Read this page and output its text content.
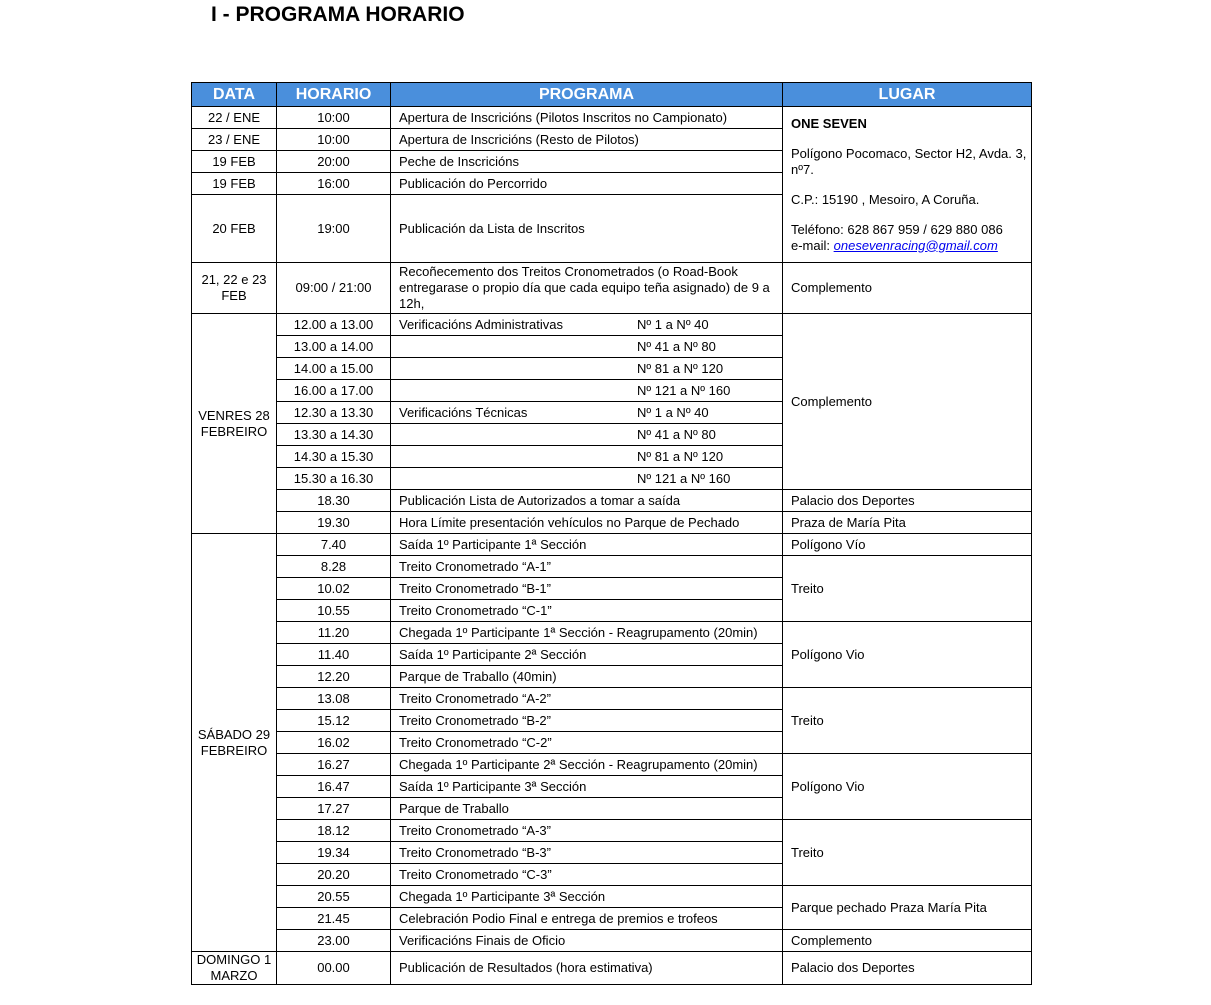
I - PROGRAMA HORARIO
DATA	HORARIO	PROGRAMA	LUGAR
22 / ENE	10:00	Apertura de Inscricións (Pilotos Inscritos no Campionato)	ONE SEVEN
Polígono Pocomaco, Sector H2, Avda. 3, nº7.
C.P.: 15190 , Mesoiro, A Coruña.
Teléfono: 628 867 959 / 629 880 086
e-mail: onesevenracing@gmail.com

23 / ENE	10:00	Apertura de Inscricións (Resto de Pilotos)	
19 FEB	20:00	Peche de Inscricións	
19 FEB	16:00	Publicación do Percorrido	
20 FEB	19:00	Publicación da Lista de Inscritos	
21, 22 e 23 FEB	09:00 / 21:00	Recoñecemento dos Treitos Cronometrados (o Road-Book entregarase o propio día que cada equipo teña asignado) de 9 a 12h,	Complemento
VENRES 28 FEBREIRO	12.00 a 13.00	Verificacións Administrativas Nº 1 a Nº 40	Complemento
	13.00 a 14.00	Nº 41 a Nº 80	

	14.00 a 15.00	Nº 81 a Nº 120	

	16.00 a 17.00	Nº 121 a Nº 160	

	12.30 a 13.30	Verificacións Técnicas Nº 1 a Nº 40	

	13.30 a 14.30	Nº 41 a Nº 80	

	14.30 a 15.30	Nº 81 a Nº 120	

	15.30 a 16.30	Nº 121 a Nº 160	

	18.30	Publicación Lista de Autorizados a tomar a saída	Palacio dos Deportes
	19.30	Hora Límite presentación vehículos no Parque de Pechado	Praza de María Pita
SÁBADO 29 FEBREIRO	7.40	Saída 1º Participante 1ª Sección	Polígono Vío
	8.28	Treito Cronometrado “A-1”	Treito
	10.02	Treito Cronometrado “B-1”	
	10.55	Treito Cronometrado “C-1”	
	11.20	Chegada 1º Participante 1ª Sección - Reagrupamento (20min)	Polígono Vio
	11.40	Saída 1º Participante 2ª Sección	
	12.20	Parque de Traballo (40min)	
	13.08	Treito Cronometrado “A-2”	Treito
	15.12	Treito Cronometrado “B-2”	
	16.02	Treito Cronometrado “C-2”	
	16.27	Chegada 1º Participante 2ª Sección - Reagrupamento (20min)	Polígono Vio
	16.47	Saída 1º Participante 3ª Sección	
	17.27	Parque de Traballo	
	18.12	Treito Cronometrado “A-3”	Treito
	19.34	Treito Cronometrado “B-3”	
	20.20	Treito Cronometrado “C-3”	
	20.55	Chegada 1º Participante 3ª Sección	Parque pechado Praza María Pita
	21.45	Celebración Podio Final e entrega de premios e trofeos	
	23.00	Verificacións Finais de Oficio	Complemento
DOMINGO 1 MARZO	00.00	Publicación de Resultados (hora estimativa)	Palacio dos Deportes
